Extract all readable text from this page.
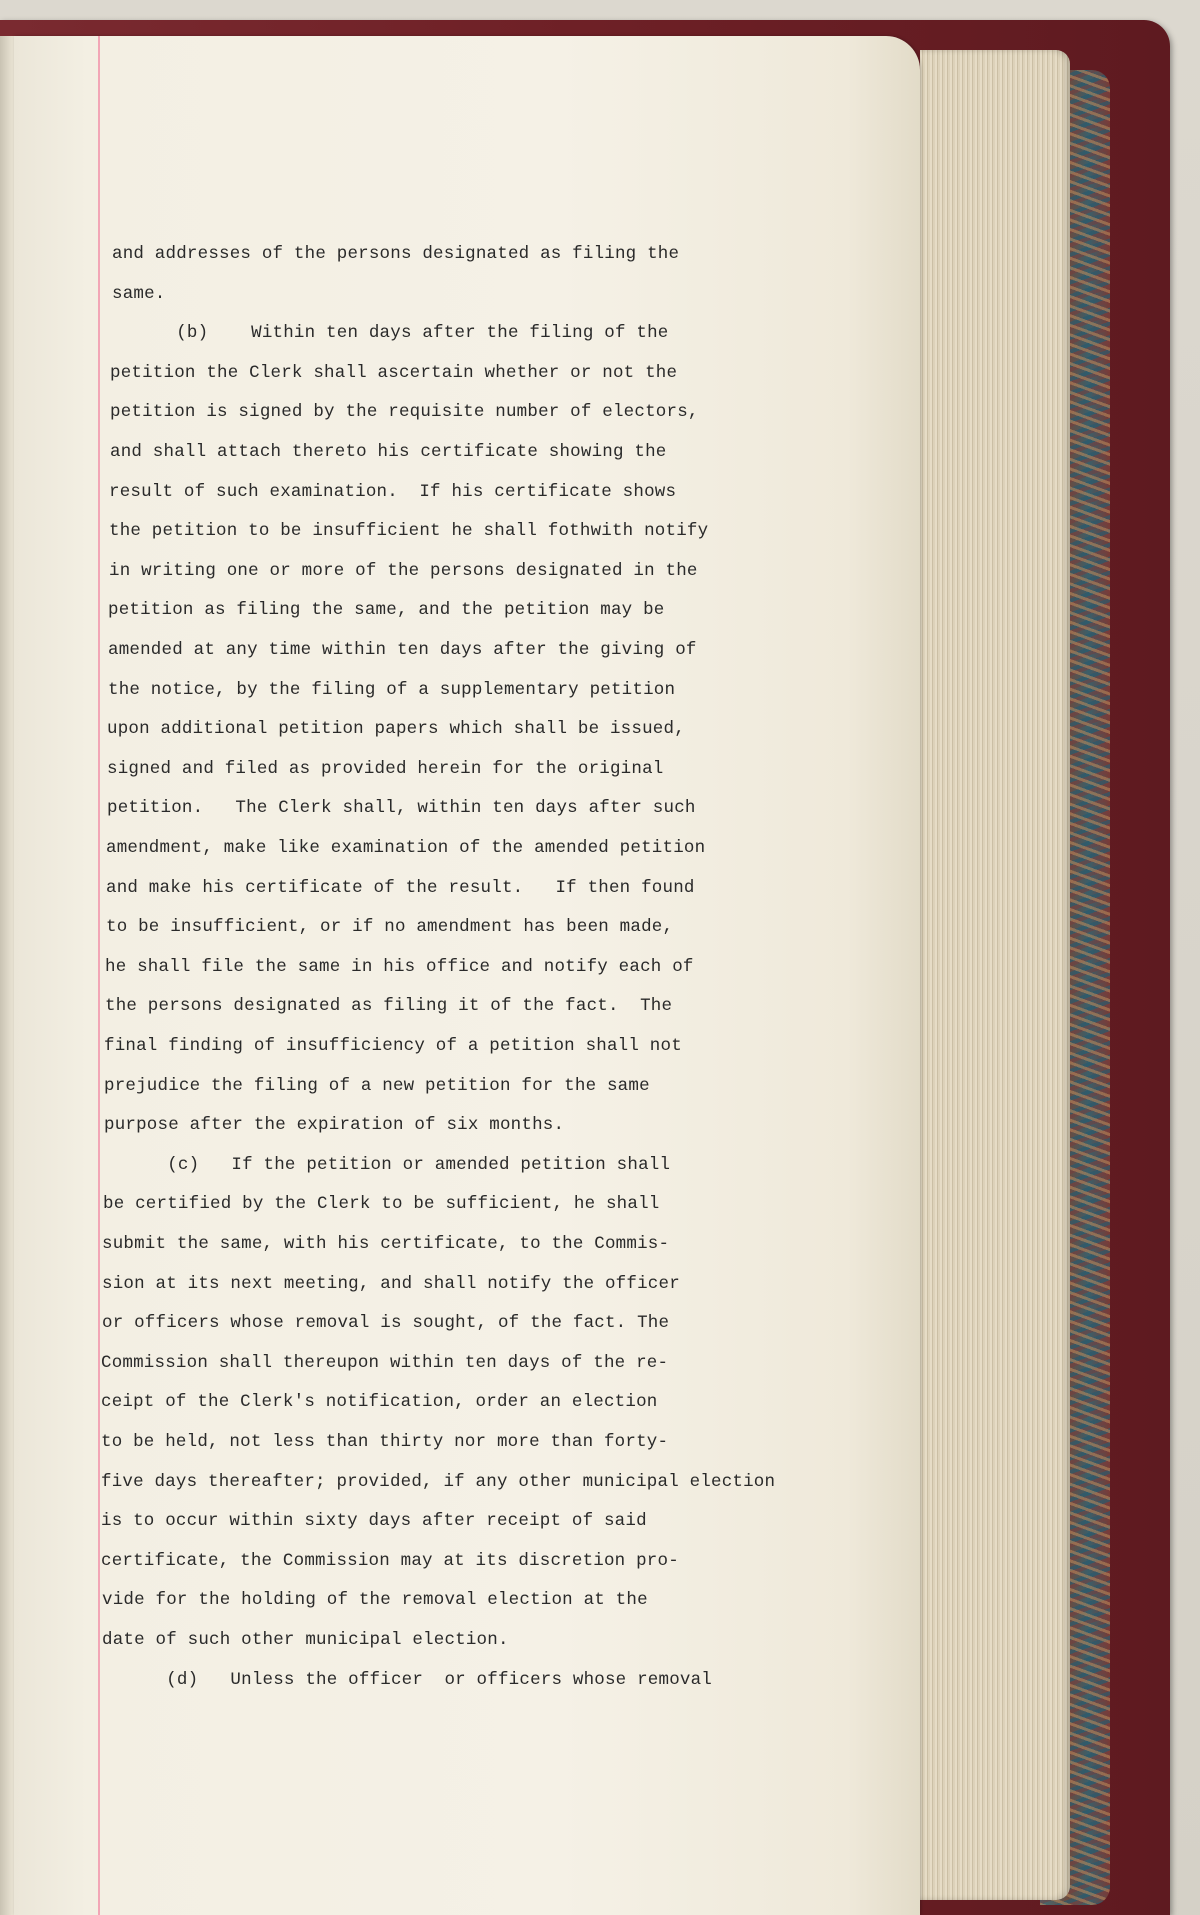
and addresses of the persons designated as filing the
same.
(b)    Within ten days after the filing of the
petition the Clerk shall ascertain whether or not the
petition is signed by the requisite number of electors,
and shall attach thereto his certificate showing the
result of such examination.  If his certificate shows
the petition to be insufficient he shall fothwith notify
in writing one or more of the persons designated in the
petition as filing the same, and the petition may be
amended at any time within ten days after the giving of
the notice, by the filing of a supplementary petition
upon additional petition papers which shall be issued,
signed and filed as provided herein for the original
petition.   The Clerk shall, within ten days after such
amendment, make like examination of the amended petition
and make his certificate of the result.   If then found
to be insufficient, or if no amendment has been made,
he shall file the same in his office and notify each of
the persons designated as filing it of the fact.  The
final finding of insufficiency of a petition shall not
prejudice the filing of a new petition for the same
purpose after the expiration of six months.
(c)   If the petition or amended petition shall
be certified by the Clerk to be sufficient, he shall
submit the same, with his certificate, to the Commis-
sion at its next meeting, and shall notify the officer
or officers whose removal is sought, of the fact. The
Commission shall thereupon within ten days of the re-
ceipt of the Clerk's notification, order an election
to be held, not less than thirty nor more than forty-
five days thereafter; provided, if any other municipal election
is to occur within sixty days after receipt of said
certificate, the Commission may at its discretion pro-
vide for the holding of the removal election at the
date of such other municipal election.
(d)   Unless the officer  or officers whose removal
